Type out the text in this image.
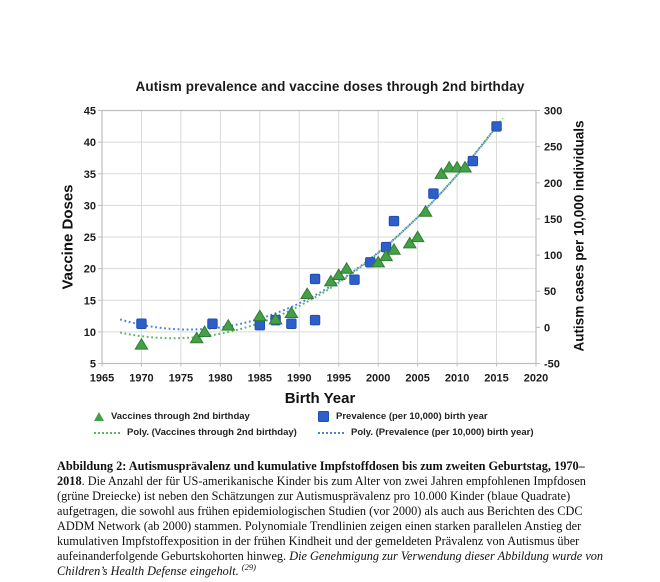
Autism prevalence and vaccine doses through 2nd birthday
1965 1970 1975 1980 1985 1990 1995 2000 2005 2010 2015 2020
5
10
15
20
25
30
35
40
45
-50
0
50
100
150
200
250
300
Vaccine Doses	Autism cases per 10,000 individuals
Birth Year
Vaccines through 2nd birthday	Prevalence (per 10,000) birth year
Poly. (Vaccines through 2nd birthday)	Poly. (Prevalence (per 10,000) birth year)
Abbildung 2: Autismusprävalenz und kumulative Impfstoffdosen bis zum zweiten Geburtstag, 1970–2018. Die Anzahl der für US-amerikanische Kinder bis zum Alter von zwei Jahren empfohlenen Impfdosen (grüne Dreiecke) ist neben den Schätzungen zur Autismusprävalenz pro 10.000 Kinder (blaue Quadrate) aufgetragen, die sowohl aus frühen epidemiologischen Studien (vor 2000) als auch aus Berichten des CDC ADDM Network (ab 2000) stammen. Polynomiale Trendlinien zeigen einen starken parallelen Anstieg der kumulativen Impfstoffexposition in der frühen Kindheit und der gemeldeten Prävalenz von Autismus über aufeinanderfolgende Geburtskohorten hinweg. Die Genehmigung zur Verwendung dieser Abbildung wurde von Children’s Health Defense eingeholt. $^{(29)}$
